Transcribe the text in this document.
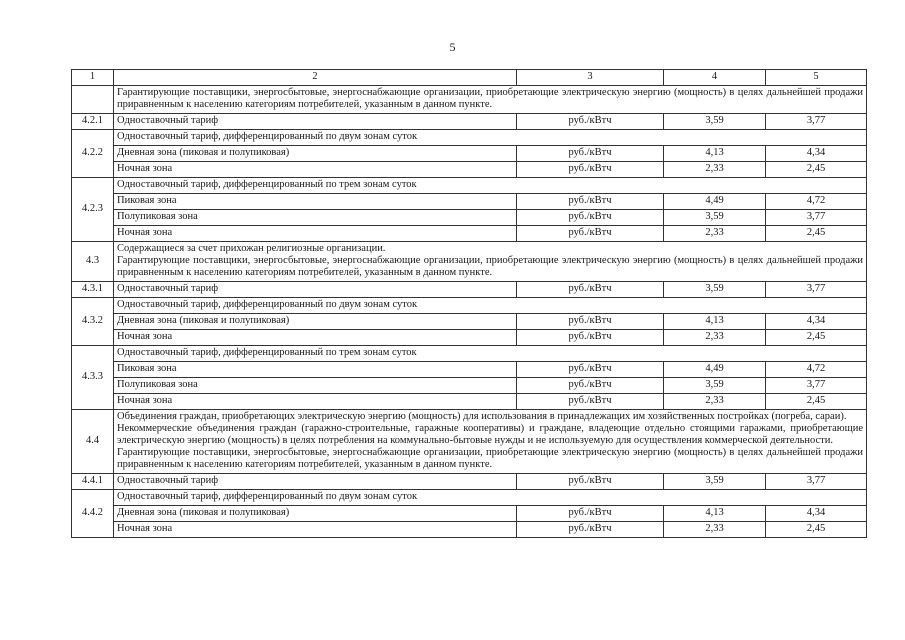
5
1	2	3	4	5

	Гарантирующие поставщики, энергосбытовые, энергоснабжающие организации, приобретающие электрическую энергию (мощность) в целях дальнейшей продажи приравненным к населению категориям потребителей, указанным в данном пункте.			

4.2.1	Одноставочный тариф	руб./кВтч	3,59	3,77
4.2.2	Одноставочный тариф, дифференцированный по двум зонам суток			
	Дневная зона (пиковая и полупиковая)	руб./кВтч	4,13	4,34
	Ночная зона	руб./кВтч	2,33	2,45
4.2.3	Одноставочный тариф, дифференцированный по трем зонам суток			
	Пиковая зона	руб./кВтч	4,49	4,72
	Полупиковая зона	руб./кВтч	3,59	3,77
	Ночная зона	руб./кВтч	2,33	2,45
4.3	Содержащиеся за счет прихожан религиозные организации.
Гарантирующие поставщики, энергосбытовые, энергоснабжающие организации, приобретающие электрическую энергию (мощность) в целях дальнейшей продажи приравненным к населению категориям потребителей, указанным в данном пункте.			

4.3.1	Одноставочный тариф	руб./кВтч	3,59	3,77
4.3.2	Одноставочный тариф, дифференцированный по двум зонам суток			
	Дневная зона (пиковая и полупиковая)	руб./кВтч	4,13	4,34
	Ночная зона	руб./кВтч	2,33	2,45
4.3.3	Одноставочный тариф, дифференцированный по трем зонам суток			
	Пиковая зона	руб./кВтч	4,49	4,72
	Полупиковая зона	руб./кВтч	3,59	3,77
	Ночная зона	руб./кВтч	2,33	2,45
4.4	Объединения граждан, приобретающих электрическую энергию (мощность) для использования в принадлежащих им хозяйственных постройках (погреба, сараи).
Некоммерческие объединения граждан (гаражно-строительные, гаражные кооперативы) и граждане, владеющие отдельно стоящими гаражами, приобретающие электрическую энергию (мощность) в целях потребления на коммунально-бытовые нужды и не используемую для осуществления коммерческой деятельности.
Гарантирующие поставщики, энергосбытовые, энергоснабжающие организации, приобретающие электрическую энергию (мощность) в целях дальнейшей продажи приравненным к населению категориям потребителей, указанным в данном пункте.			

4.4.1	Одноставочный тариф	руб./кВтч	3,59	3,77
4.4.2	Одноставочный тариф, дифференцированный по двум зонам суток			
	Дневная зона (пиковая и полупиковая)	руб./кВтч	4,13	4,34
	Ночная зона	руб./кВтч	2,33	2,45
